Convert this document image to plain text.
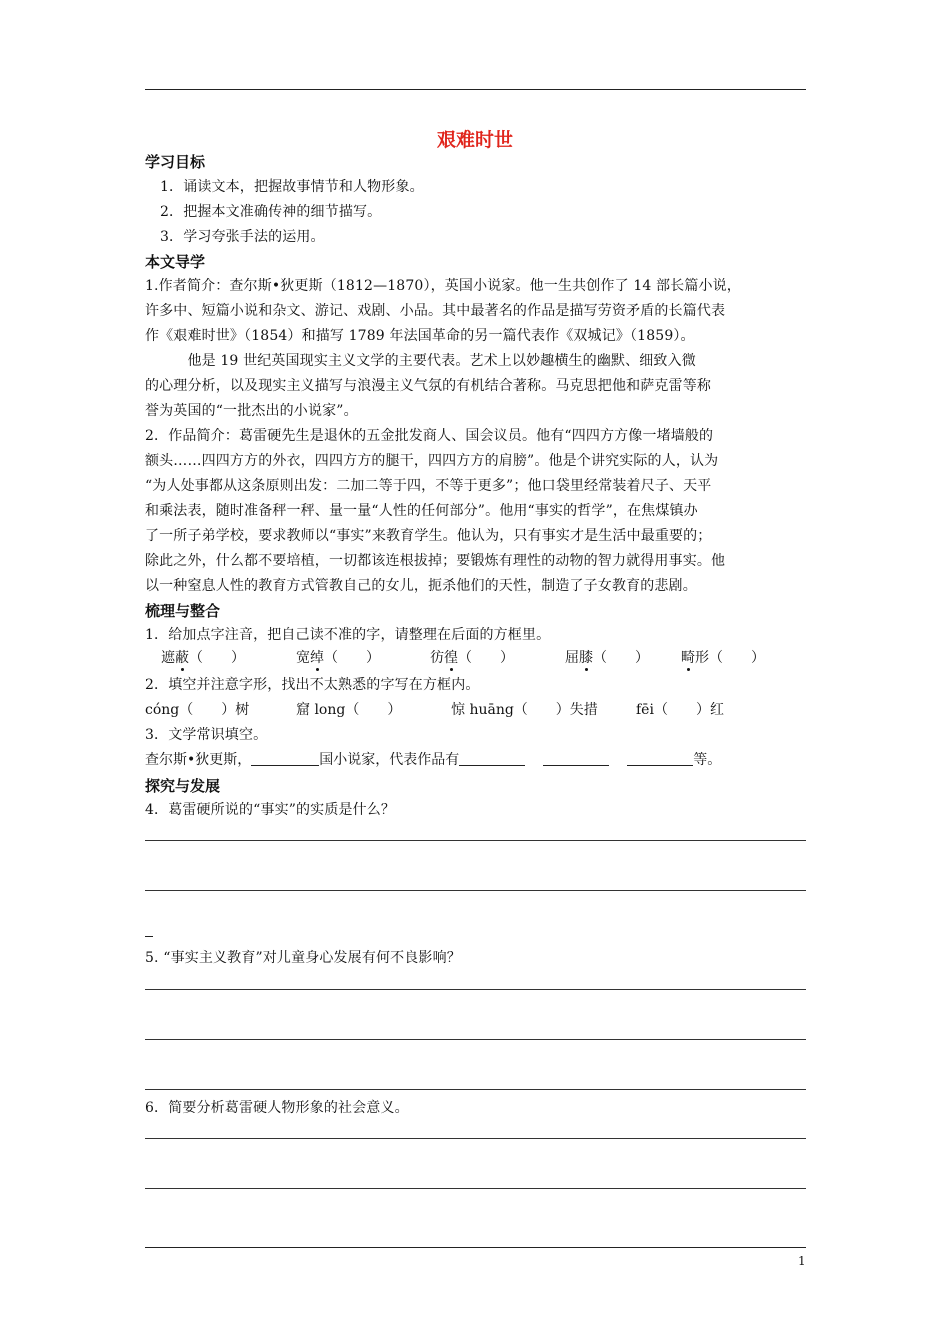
艰难时世
学习目标
1．诵读文本，把握故事情节和人物形象。
2．把握本文准确传神的细节描写。
3．学习夸张手法的运用。
本文导学
1.作者简介：查尔斯•狄更斯（1812—1870），英国小说家。他一生共创作了 14 部长篇小说，
许多中、短篇小说和杂文、游记、戏剧、小品。其中最著名的作品是描写劳资矛盾的长篇代表
作《艰难时世》（1854）和描写 1789 年法国革命的另一篇代表作《双城记》（1859）。
　　　他是 19 世纪英国现实主义文学的主要代表。艺术上以妙趣横生的幽默、细致入微
的心理分析，以及现实主义描写与浪漫主义气氛的有机结合著称。马克思把他和萨克雷等称
誉为英国的“一批杰出的小说家”。
2．作品简介：葛雷硬先生是退休的五金批发商人、国会议员。他有“四四方方像一堵墙般的
额头……四四方方的外衣，四四方方的腿干，四四方方的肩膀”。他是个讲究实际的人，认为
“为人处事都从这条原则出发：二加二等于四，不等于更多”；他口袋里经常装着尺子、天平
和乘法表，随时准备秤一秤、量一量“人性的任何部分”。他用“事实的哲学”，在焦煤镇办
了一所子弟学校，要求教师以“事实”来教育学生。他认为，只有事实才是生活中最重要的；
除此之外，什么都不要培植，一切都该连根拔掉；要锻炼有理性的动物的智力就得用事实。他
以一种窒息人性的教育方式管教自己的女儿，扼杀他们的天性，制造了子女教育的悲剧。
梳理与整合
1．给加点字注音，把自己读不准的字，请整理在后面的方框里。
遮蔽（　　）	宽绰（　　）	彷徨（　　）	屈膝（　　） 畸形（　　）
2．填空并注意字形，找出不太熟悉的字写在方框内。
cóng（　　）树	窟 long（　　）	惊 huāng（　　）失措	fēi（　　）红
3．文学常识填空。
查尔斯•狄更斯，	国小说家，代表作品有	等。
探究与发展
4．葛雷硬所说的“事实”的实质是什么？
5. “事实主义教育”对儿童身心发展有何不良影响？
6．简要分析葛雷硬人物形象的社会意义。
1
